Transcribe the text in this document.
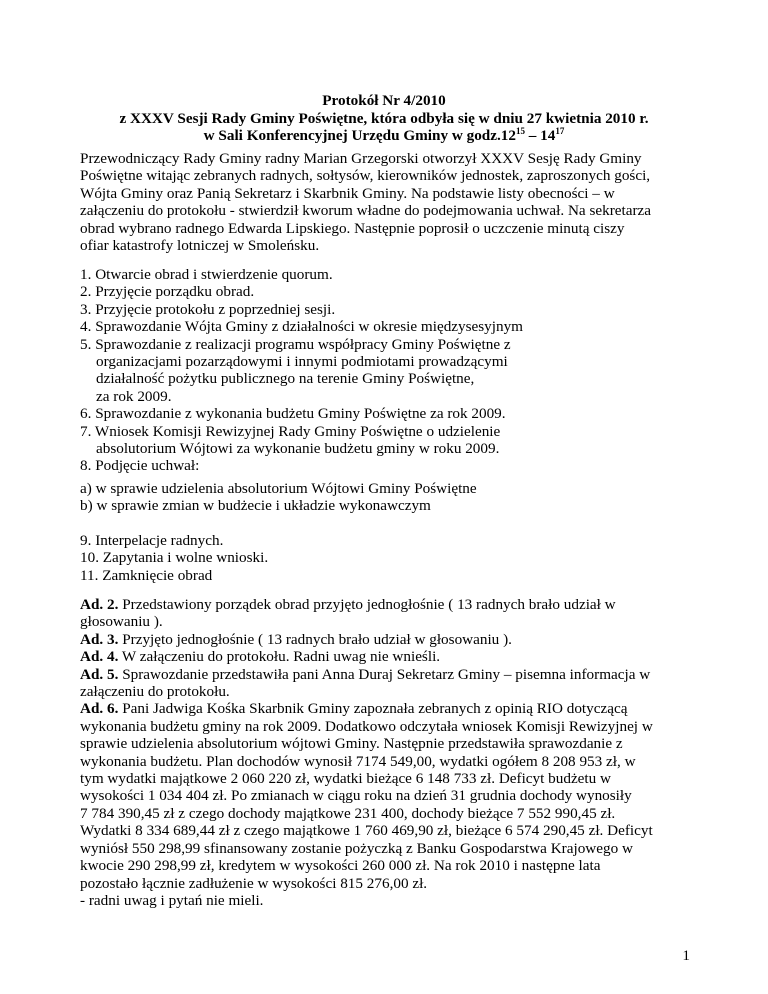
Protokół Nr 4/2010
z XXXV Sesji Rady Gminy Poświętne, która odbyła się w dniu 27 kwietnia 2010 r.
w Sali Konferencyjnej Urzędu Gminy w $godz.12^{15} - 14^{17}$
Przewodniczący Rady Gminy radny Marian Grzegorski otworzył XXXV Sesję Rady Gminy
Poświętne witając zebranych radnych, sołtysów, kierowników jednostek, zaproszonych gości,
Wójta Gminy oraz Panią Sekretarz i Skarbnik Gminy. Na podstawie listy obecności – w
załączeniu do protokołu - stwierdził kworum władne do podejmowania uchwał. Na sekretarza
obrad wybrano radnego Edwarda Lipskiego. Następnie poprosił o uczczenie minutą ciszy
ofiar katastrofy lotniczej w Smoleńsku.
1. Otwarcie obrad i stwierdzenie quorum.
2. Przyjęcie porządku obrad.
3. Przyjęcie protokołu z poprzedniej sesji.
4. Sprawozdanie Wójta Gminy z działalności w okresie międzysesyjnym
5. Sprawozdanie z realizacji programu współpracy Gminy Poświętne z
organizacjami pozarządowymi i innymi podmiotami prowadzącymi
działalność pożytku publicznego na terenie Gminy Poświętne,
za rok 2009.
6. Sprawozdanie z wykonania budżetu Gminy Poświętne za rok 2009.
7. Wniosek Komisji Rewizyjnej Rady Gminy Poświętne o udzielenie
absolutorium Wójtowi za wykonanie budżetu gminy w roku 2009.
8. Podjęcie uchwał:
a) w sprawie udzielenia absolutorium Wójtowi Gminy Poświętne
b) w sprawie zmian w budżecie i układzie wykonawczym
9. Interpelacje radnych.
10. Zapytania i wolne wnioski.
11. Zamknięcie obrad
Ad. 2. Przedstawiony porządek obrad przyjęto jednogłośnie ( 13 radnych brało udział w
głosowaniu ).
Ad. 3. Przyjęto jednogłośnie ( 13 radnych brało udział w głosowaniu ).
Ad. 4. W załączeniu do protokołu. Radni uwag nie wnieśli.
Ad. 5. Sprawozdanie przedstawiła pani Anna Duraj Sekretarz Gminy – pisemna informacja w
załączeniu do protokołu.
Ad. 6. Pani Jadwiga Kośka Skarbnik Gminy zapoznała zebranych z opinią RIO dotyczącą
wykonania budżetu gminy na rok 2009. Dodatkowo odczytała wniosek Komisji Rewizyjnej w
sprawie udzielenia absolutorium wójtowi Gminy. Następnie przedstawiła sprawozdanie z
wykonania budżetu. Plan dochodów wynosił 7174 549,00, wydatki ogółem 8 208 953 zł, w
tym wydatki majątkowe 2 060 220 zł, wydatki bieżące 6 148 733 zł. Deficyt budżetu w
wysokości 1 034 404 zł. Po zmianach w ciągu roku na dzień 31 grudnia dochody wynosiły
7 784 390,45 zł z czego dochody majątkowe 231 400, dochody bieżące 7 552 990,45 zł.
Wydatki 8 334 689,44 zł z czego majątkowe 1 760 469,90 zł, bieżące 6 574 290,45 zł. Deficyt
wyniósł 550 298,99 sfinansowany zostanie pożyczką z Banku Gospodarstwa Krajowego w
kwocie 290 298,99 zł, kredytem w wysokości 260 000 zł. Na rok 2010 i następne lata
pozostało łącznie zadłużenie w wysokości 815 276,00 zł.
- radni uwag i pytań nie mieli.
1
